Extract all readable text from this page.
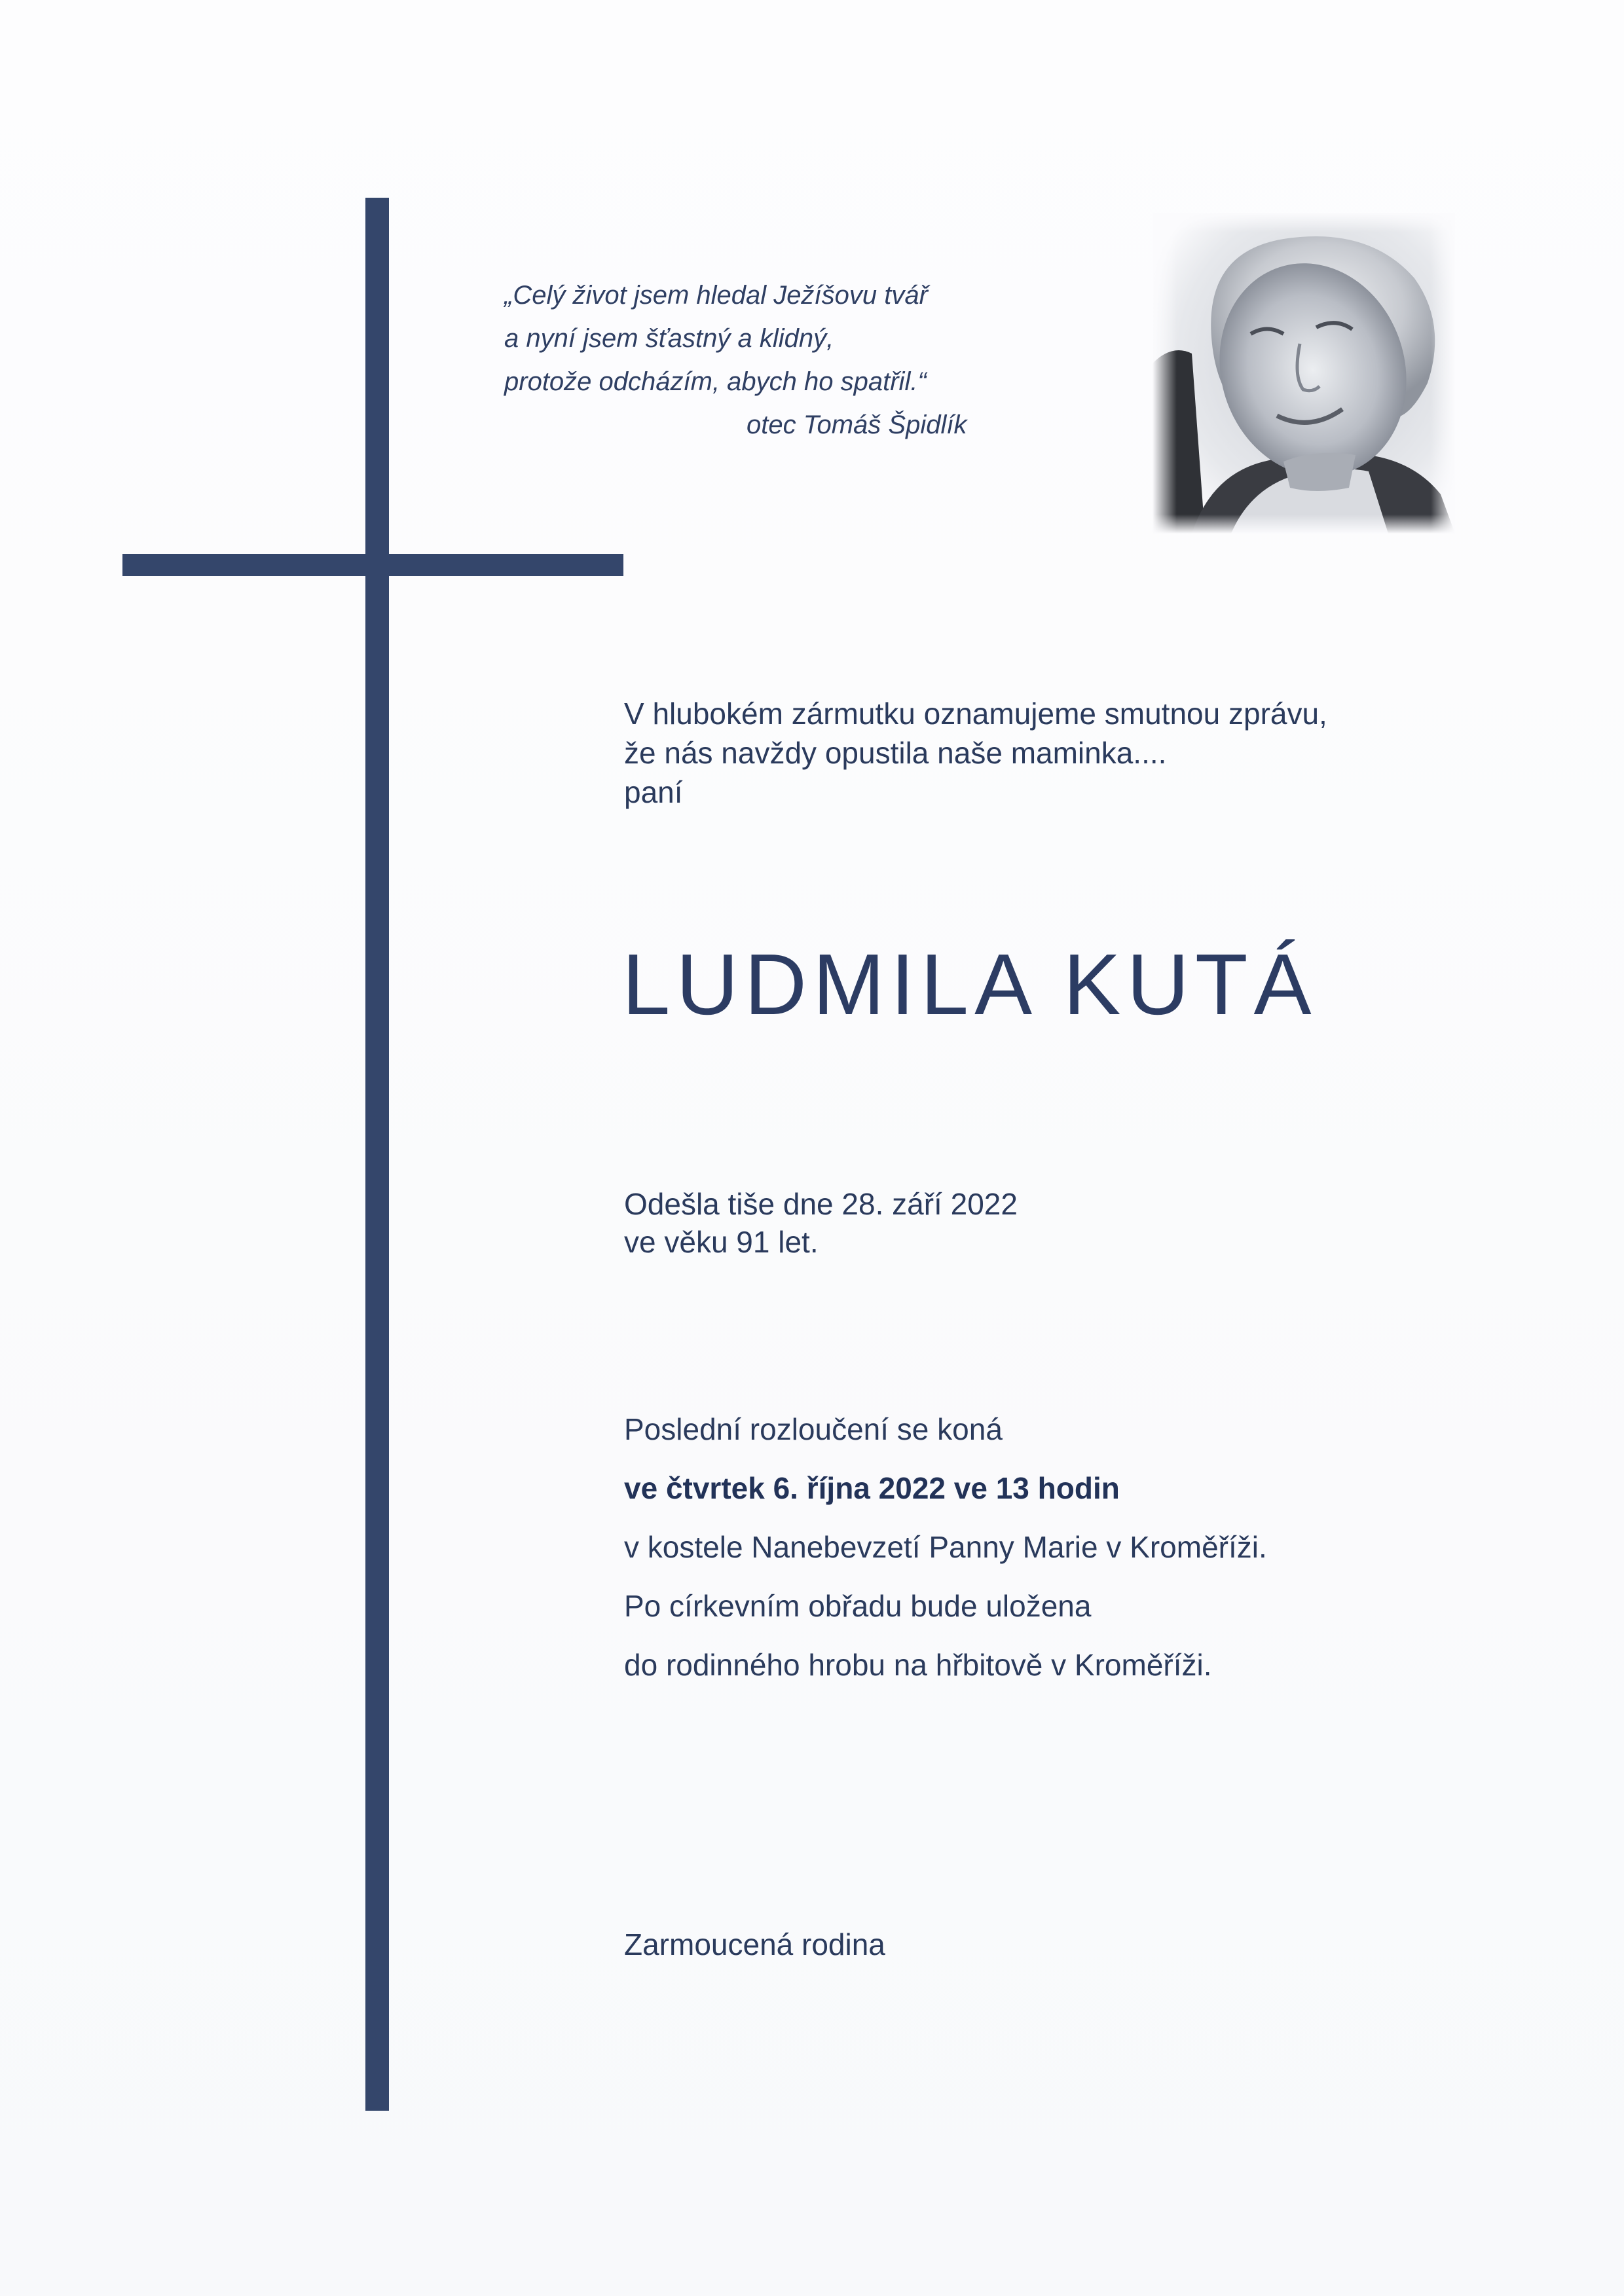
„Celý život jsem hledal Ježíšovu tvář
a nyní jsem šťastný a klidný,
protože odcházím, abych ho spatřil.“
otec Tomáš Špidlík
V hlubokém zármutku oznamujeme smutnou zprávu,
že nás navždy opustila naše maminka....
paní
LUDMILA KUTÁ
Odešla tiše dne 28. září 2022
ve věku 91 let.
Poslední rozloučení se koná
ve čtvrtek 6. října 2022 ve 13 hodin
v kostele Nanebevzetí Panny Marie v Kroměříži.
Po církevním obřadu bude uložena
do rodinného hrobu na hřbitově v Kroměříži.
Zarmoucená rodina
